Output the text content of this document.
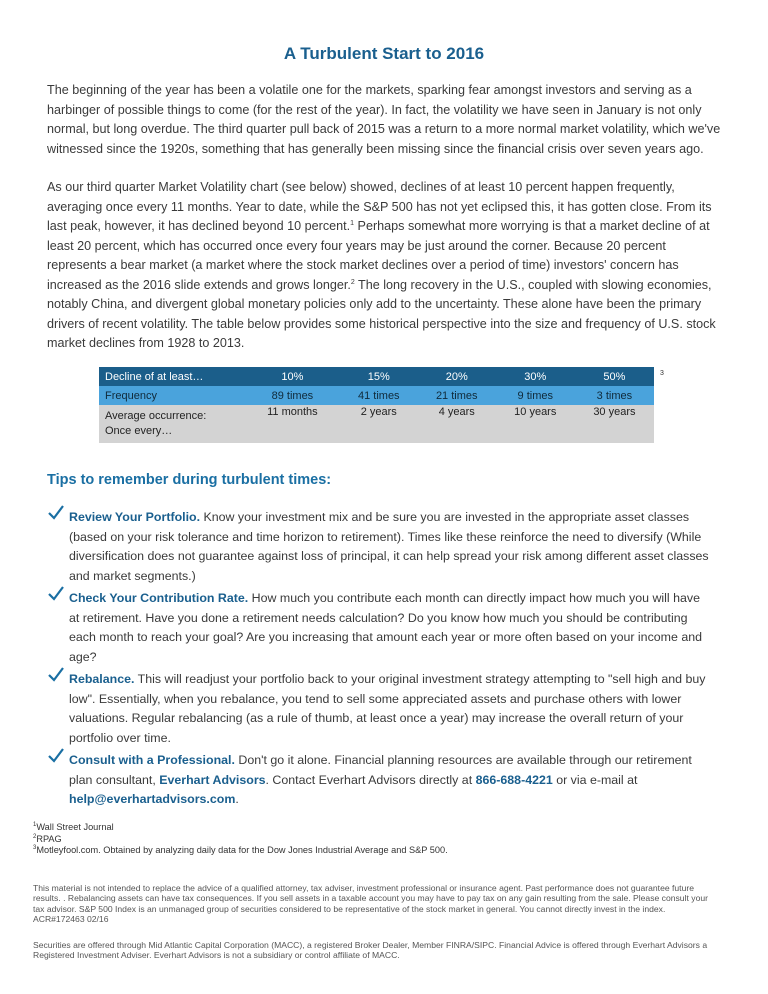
A Turbulent Start to 2016

The beginning of the year has been a volatile one for the markets, sparking fear amongst investors and serving as a harbinger of possible things to come (for the rest of the year). In fact, the volatility we have seen in January is not only normal, but long overdue. The third quarter pull back of 2015 was a return to a more normal market volatility, which we've witnessed since the 1920s, something that has generally been missing since the financial crisis over seven years ago.

As our third quarter Market Volatility chart (see below) showed, declines of at least 10 percent happen frequently, averaging once every 11 months. Year to date, while the S&P 500 has not yet eclipsed this, it has gotten close. From its last peak, however, it has declined beyond 10 percent.$^1$ Perhaps somewhat more worrying is that a market decline of at least 20 percent, which has occurred once every four years may be just around the corner. Because 20 percent represents a bear market (a market where the stock market declines over a period of time) investors' concern has increased as the 2016 slide extends and grows longer.$^2$ The long recovery in the U.S., coupled with slowing economies, notably China, and divergent global monetary policies only add to the uncertainty. These alone have been the primary drivers of recent volatility. The table below provides some historical perspective into the size and frequency of U.S. stock market declines from 1928 to 2013.

Decline of at least…	10%	15%	20%	30%	50%
Frequency	89 times	41 times	21 times	9 times	3 times

Average occurrence:
Once every…	11 months	2 years	4 years	10 years	30 years
3
Tips to remember during turbulent times:
Review Your Portfolio. Know your investment mix and be sure you are invested in the appropriate asset classes (based on your risk tolerance and time horizon to retirement). Times like these reinforce the need to diversify (While diversification does not guarantee against loss of principal, it can help spread your risk among different asset classes and market segments.)
Check Your Contribution Rate. How much you contribute each month can directly impact how much you will have at retirement. Have you done a retirement needs calculation? Do you know how much you should be contributing each month to reach your goal? Are you increasing that amount each year or more often based on your income and age?
Rebalance. This will readjust your portfolio back to your original investment strategy attempting to "sell high and buy low". Essentially, when you rebalance, you tend to sell some appreciated assets and purchase others with lower valuations. Regular rebalancing (as a rule of thumb, at least once a year) may increase the overall return of your portfolio over time.
Consult with a Professional. Don't go it alone. Financial planning resources are available through our retirement plan consultant, Everhart Advisors. Contact Everhart Advisors directly at 866-688-4221 or via e-mail at help@everhartadvisors.com.
$^1$Wall Street Journal
$^2$RPAG
$^3$Motleyfool.com. Obtained by analyzing daily data for the Dow Jones Industrial Average and S&P 500.

This material is not intended to replace the advice of a qualified attorney, tax adviser, investment professional or insurance agent. Past performance does not guarantee future results. . Rebalancing assets can have tax consequences. If you sell assets in a taxable account you may have to pay tax on any gain resulting from the sale. Please consult your tax advisor. S&P 500 Index is an unmanaged group of securities considered to be representative of the stock market in general. You cannot directly invest in the index. ACR#172463 02/16

Securities are offered through Mid Atlantic Capital Corporation (MACC), a registered Broker Dealer, Member FINRA/SIPC. Financial Advice is offered through Everhart Advisors a Registered Investment Adviser. Everhart Advisors is not a subsidiary or control affiliate of MACC.
